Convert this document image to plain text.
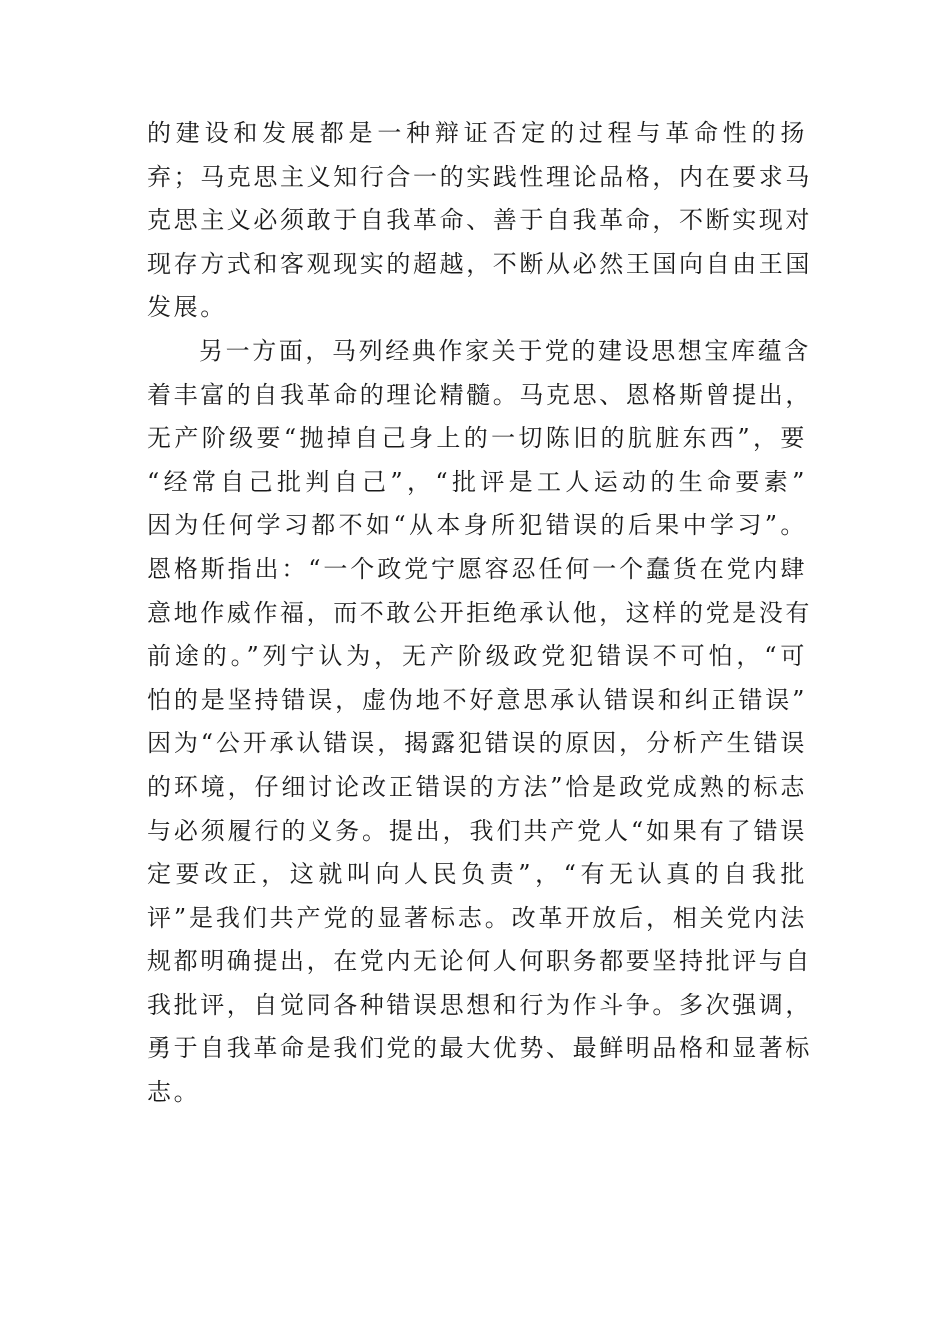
的建设和发展都是一种辩证否定的过程与革命性的扬
弃；马克思主义知行合一的实践性理论品格，内在要求马
克思主义必须敢于自我革命、善于自我革命，不断实现对
现存方式和客观现实的超越，不断从必然王国向自由王国
发展。
另一方面，马列经典作家关于党的建设思想宝库蕴含
着丰富的自我革命的理论精髓。马克思、恩格斯曾提出，
无产阶级要“抛掉自己身上的一切陈旧的肮脏东西”，要
“经常自己批判自己”，“批评是工人运动的生命要素”
因为任何学习都不如“从本身所犯错误的后果中学习”。
恩格斯指出：“一个政党宁愿容忍任何一个蠢货在党内肆
意地作威作福，而不敢公开拒绝承认他，这样的党是没有
前途的。”列宁认为，无产阶级政党犯错误不可怕，“可
怕的是坚持错误，虚伪地不好意思承认错误和纠正错误”
因为“公开承认错误，揭露犯错误的原因，分析产生错误
的环境，仔细讨论改正错误的方法”恰是政党成熟的标志
与必须履行的义务。提出，我们共产党人“如果有了错误
定要改正，这就叫向人民负责”，“有无认真的自我批
评”是我们共产党的显著标志。改革开放后，相关党内法
规都明确提出，在党内无论何人何职务都要坚持批评与自
我批评，自觉同各种错误思想和行为作斗争。多次强调，
勇于自我革命是我们党的最大优势、最鲜明品格和显著标
志。
